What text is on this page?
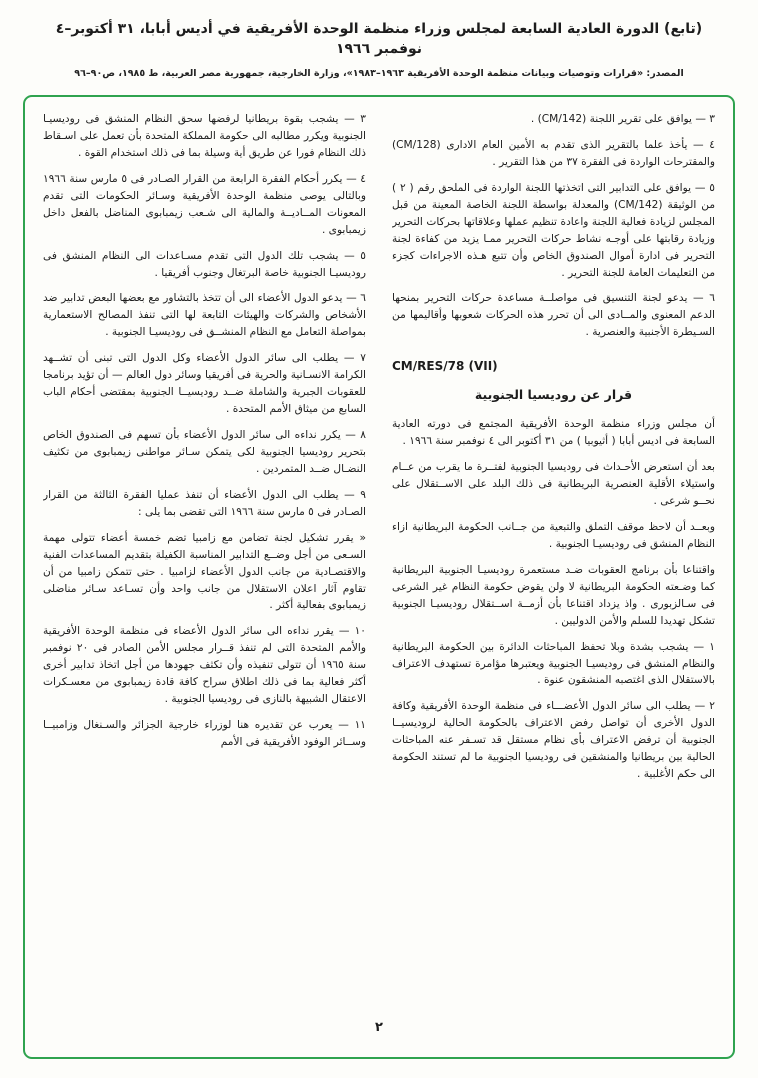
(تابع) الدورة العادية السابعة لمجلس وزراء منظمة الوحدة الأفريقية في أديس أبابا، ٣١ أكتوبر–٤ نوفمبر ١٩٦٦
المصدر: «قرارات وتوصيات وبيانات منظمة الوحدة الأفريقية ١٩٦٣–١٩٨٣»، وزارة الخارجية، جمهورية مصر العربية، ط ١٩٨٥، ص٩٠–٩٦

٣ — يوافق على تقرير اللجنة (CM/142) .

٤ — يأخذ علما بالتقرير الذى تقدم به الأمين العام الادارى (CM/128) والمقترحات الواردة فى الفقرة ٣٧ من هذا التقرير .

٥ — يوافق على التدابير التى اتخذتها اللجنة الواردة فى الملحق رقم ( ٢ ) من الوثيقة (CM/142) والمعدلة بواسطة اللجنة الخاصة المعينة من قبل المجلس لزيادة فعالية اللجنة واعادة تنظيم عملها وعلاقاتها بحركات التحرير وزيادة رقابتها على أوجـه نشاط حركات التحرير ممـا يزيد من كفاءة لجنة التحرير فى ادارة أموال الصندوق الخاص وأن تتبع هـذه الاجراءات كجزء من التعليمات العامة للجنة التحرير .

٦ — يدعو لجنة التنسيق فى مواصلــة مساعدة حركات التحرير بمنحها الدعم المعنوى والمــادى الى أن تحرر هذه الحركات شعوبها وأقاليمها من السـيطرة الأجنبية والعنصرية .

CM/RES/78 (VII)

قرار عن روديسيا الجنوبية

أن مجلس وزراء منظمة الوحدة الأفريقية المجتمع فى دورته العادية السابعة فى اديس أبابا ( أثيوبيا ) من ٣١ أكتوبر الى ٤ نوفمبر سنة ١٩٦٦ .

بعد أن استعرض الأحـداث فى روديسيا الجنوبية لفتــرة ما يقرب من عــام واستيلاء الأقلية العنصرية البريطانية فى ذلك البلد على الاســتقلال على نحــو شرعى .

وبعــد أن لاحظ موقف التملق والتبعية من جــانب الحكومة البريطانية ازاء النظام المنشق فى روديسيـا الجنوبية .

واقتناعا بأن برنامج العقوبات ضـد مستعمرة روديسيـا الجنوبية البريطانية كما وضـعته الحكومة البريطانية لا ولن يقوض حكومة النظام غير الشرعى فى سـالزبورى . واذ يزداد اقتناعا بأن أزمــة اســتقلال روديسيـا الجنوبية تشكل تهديدا للسلم والأمن الدوليين .

١ — يشجب بشدة وبلا تحفظ المباحثات الدائرة بين الحكومة البريطانية والنظام المنشق فى روديسيـا الجنوبية ويعتبرها مؤامرة تستهدف الاعتراف بالاستقلال الذى اغتصبه المنشقون عنوة .

٢ — يطلب الى سائر الدول الأعضـــاء فى منظمة الوحدة الأفريقية وكافة الدول الأخرى أن تواصل رفض الاعتراف بالحكومة الحالية لروديسيــا الجنوبية أن ترفض الاعتراف بأى نظام مستقل قد تسـفر عنه المباحثات الحالية بين بريطانيا والمنشقين فى روديسيا الجنوبية ما لم تستند الحكومة الى حكم الأغلبية .

٣ — يشجب بقوة بريطانيا لرفضها سحق النظام المنشق فى روديسيـا الجنوبية ويكرر مطالبه الى حكومة المملكة المتحدة بأن تعمل على اسـقاط ذلك النظام فورا عن طريق أية وسيلة بما فى ذلك استخدام القوة .

٤ — يكرر أحكام الفقرة الرابعة من القرار الصـادر فى ٥ مارس سنة ١٩٦٦ وبالتالى يوصى منظمة الوحدة الأفريقية وسـائر الحكومات التى تقدم المعونات المــاديــة والمالية الى شـعب زيمبابوى المناضل بالفعل داخل زيمبابوى .

٥ — يشجب تلك الدول التى تقدم مسـاعدات الى النظام المنشق فى روديسيـا الجنوبية خاصة البرتغال وجنوب أفريقيا .

٦ — يدعو الدول الأعضاء الى أن تتخذ بالتشاور مع بعضها البعض تدابير ضد الأشخاص والشركات والهيئات التابعة لها التى تنفذ المصالح الاستعمارية بمواصلة التعامل مع النظام المنشــق فى روديسيـا الجنوبية .

٧ — يطلب الى سائر الدول الأعضاء وكل الدول التى تبنى أن تشــهد الكرامة الانسـانية والحرية فى أفريقيا وسائر دول العالم — أن تؤيد برنامجا للعقوبات الجبرية والشاملة ضــد روديسيــا الجنوبية بمقتضى أحكام الباب السابع من ميثاق الأمم المتحدة .

٨ — يكرر نداءه الى سائر الدول الأعضاء بأن تسهم فى الصندوق الخاص بتحرير روديسيا الجنوبية لكى يتمكن سـائر مواطنى زيمبابوى من تكثيف النضـال ضــد المتمردين .

٩ — يطلب الى الدول الأعضاء أن تنفذ عمليا الفقرة الثالثة من القرار الصـادر فى ٥ مارس سنة ١٩٦٦ التى تقضى بما يلى :

« يقرر تشكيل لجنة تضامن مع زامبيا تضم خمسة أعضاء تتولى مهمة السـعى من أجل وضــع التدابير المناسبة الكفيلة بتقديم المساعدات الفنية والاقتصـادية من جانب الدول الأعضاء لزامبيا . حتى تتمكن زامبيا من أن تقاوم آثار اعلان الاستقلال من جانب واحد وأن تسـاعد سـائر مناضلى زيمبابوى بفعالية أكثر .

١٠ — يقرر نداءه الى سائر الدول الأعضاء فى منظمة الوحدة الأفريقية والأمم المتحدة التى لم تنفذ قــرار مجلس الأمن الصادر فى ٢٠ نوفمبر سنة ١٩٦٥ أن تتولى تنفيذه وأن تكثف جهودها من أجل اتخاذ تدابير أخرى أكثر فعالية بما فى ذلك اطلاق سراح كافة قادة زيمبابوى من معسـكرات الاعتقال الشبيهة بالنازى فى روديسيا الجنوبية .

١١ — يعرب عن تقديره هنا لوزراء خارجية الجزائر والسـنغال وزامبيــا وســائر الوفود الأفريقية فى الأمم

٢
